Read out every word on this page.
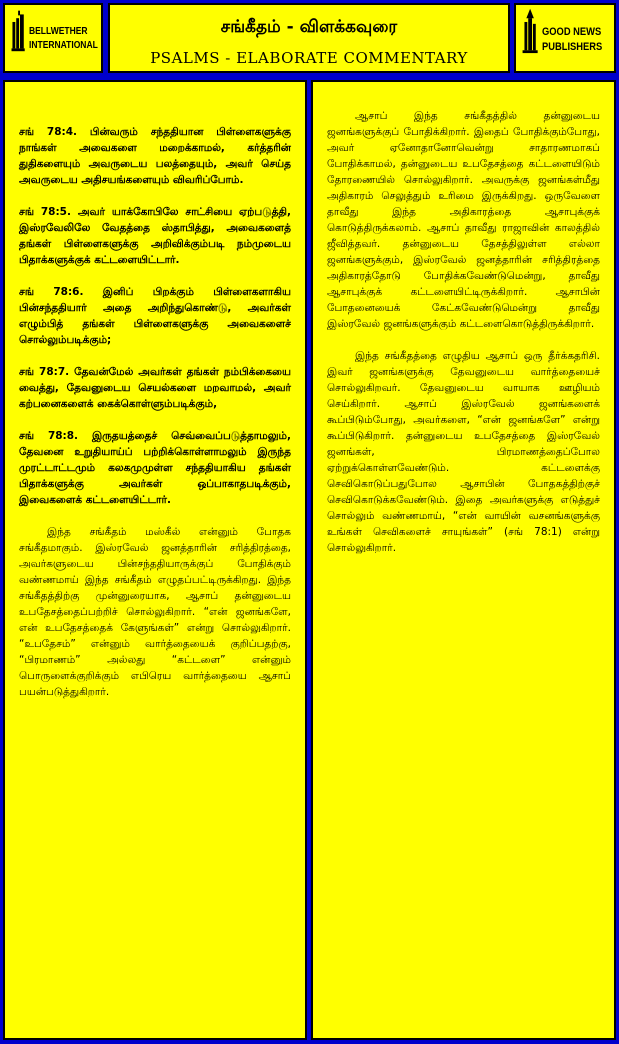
BELLWETHER
INTERNATIONAL
சங்கீதம் - விளக்கவுரை
PSALMS - ELABORATE COMMENTARY
GOOD NEWS
PUBLISHERS

சங் 78:4. பின்வரும் சந்ததியான பிள்ளைகளுக்கு நாங்கள் அவைகளை மறைக்காமல், கர்த்தரின் துதிகளையும் அவருடைய பலத்தையும், அவர் செய்த அவருடைய அதிசயங்களையும் விவரிப்போம்.

சங் 78:5. அவர் யாக்கோபிலே சாட்சியை ஏற்படுத்தி, இஸ்ரவேலிலே வேதத்தை ஸ்தாபித்து, அவைகளைத் தங்கள் பிள்ளைகளுக்கு அறிவிக்கும்படி நம்முடைய பிதாக்களுக்குக் கட்டளையிட்டார்.

சங் 78:6. இனிப் பிறக்கும் பிள்ளைகளாகிய பின்சந்ததியார் அதை அறிந்துகொண்டு, அவர்கள் எழும்பித் தங்கள் பிள்ளைகளுக்கு அவைகளைச் சொல்லும்படிக்கும்;

சங் 78:7. தேவன்மேல் அவர்கள் தங்கள் நம்பிக்கையை வைத்து, தேவனுடைய செயல்களை மறவாமல், அவர் கற்பனைகளைக் கைக்கொள்ளும்படிக்கும்,

சங் 78:8. இருதயத்தைச் செவ்வைப்படுத்தாமலும், தேவனை உறுதியாய்ப் பற்றிக்கொள்ளாமலும் இருந்த முரட்டாட்டமும் கலகமுமுள்ள சந்ததியாகிய தங்கள் பிதாக்களுக்கு அவர்கள் ஒப்பாகாதபடிக்கும், இவைகளைக் கட்டளையிட்டார்.

இந்த சங்கீதம் மஸ்கீல் என்னும் போதக சங்கீதமாகும். இஸ்ரவேல் ஜனத்தாரின் சரித்திரத்தை, அவர்களுடைய பின்சந்ததியாருக்குப் போதிக்கும் வண்ணமாய் இந்த சங்கீதம் எழுதப்பட்டிருக்கிறது. இந்த சங்கீதத்திற்கு முன்னுரையாக, ஆசாப் தன்னுடைய உபதேசத்தைப்பற்றிச் சொல்லுகிறார். “என் ஜனங்களே, என் உபதேசத்தைக் கேளுங்கள்” என்று சொல்லுகிறார். “உபதேசம்” என்னும் வார்த்தையைக் குறிப்பதற்கு, “பிரமாணம்” அல்லது “கட்டளை” என்னும் பொருளைக்குறிக்கும் எபிரெய வார்த்தையை ஆசாப் பயன்படுத்துகிறார்.

ஆசாப் இந்த சங்கீதத்தில் தன்னுடைய ஜனங்களுக்குப் போதிக்கிறார். இதைப் போதிக்கும்போது, அவர் ஏனோதானோவென்று சாதாரணமாகப் போதிக்காமல், தன்னுடைய உபதேசத்தை கட்டளையிடும் தோரணையில் சொல்லுகிறார். அவருக்கு ஜனங்கள்மீது அதிகாரம் செலுத்தும் உரிமை இருக்கிறது. ஒருவேளை தாவீது இந்த அதிகாரத்தை ஆசாபுக்குக் கொடுத்திருக்கலாம். ஆசாப் தாவீது ராஜாவின் காலத்தில் ஜீவித்தவர். தன்னுடைய தேசத்திலுள்ள எல்லா ஜனங்களுக்கும், இஸ்ரவேல் ஜனத்தாரின் சரித்திரத்தை அதிகாரத்தோடு போதிக்கவேண்டுமென்று, தாவீது ஆசாபுக்குக் கட்டளையிட்டிருக்கிறார். ஆசாபின் போதனையைக் கேட்கவேண்டுமென்று தாவீது இஸ்ரவேல் ஜனங்களுக்கும் கட்டளைகொடுத்திருக்கிறார்.

இந்த சங்கீதத்தை எழுதிய ஆசாப் ஒரு தீர்க்கதரிசி. இவர் ஜனங்களுக்கு தேவனுடைய வார்த்தையைச் சொல்லுகிறவர். தேவனுடைய வாயாக ஊழியம் செய்கிறார். ஆசாப் இஸ்ரவேல் ஜனங்களைக் கூப்பிடும்போது, அவர்களை, “என் ஜனங்களே” என்று கூப்பிடுகிறார். தன்னுடைய உபதேசத்தை இஸ்ரவேல் ஜனங்கள், பிரமாணத்தைப்போல ஏற்றுக்கொள்ளவேண்டும். கட்டளைக்கு செவிகொடுப்பதுபோல ஆசாபின் போதகத்திற்குச் செவிகொடுக்கவேண்டும். இதை அவர்களுக்கு எடுத்துச் சொல்லும் வண்ணமாய், “என் வாயின் வசனங்களுக்கு உங்கள் செவிகளைச் சாயுங்கள்” (சங் 78:1) என்று சொல்லுகிறார்.
